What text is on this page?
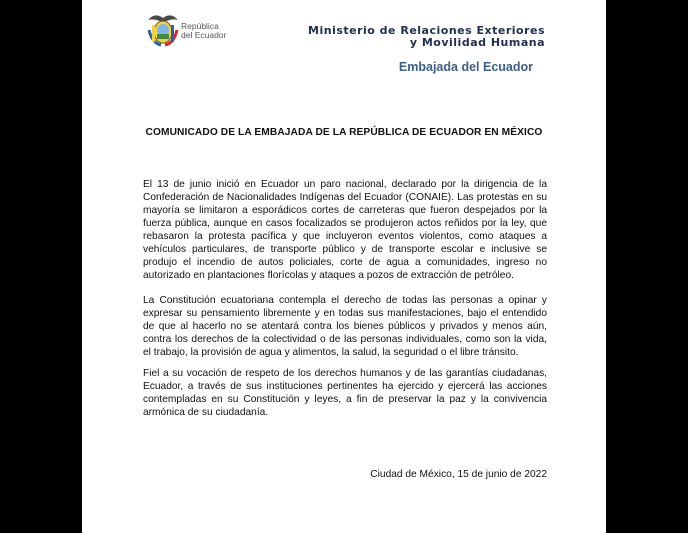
República
del Ecuador	Ministerio de Relaciones Exteriores
y Movilidad Humana
Embajada del Ecuador
COMUNICADO DE LA EMBAJADA DE LA REPÚBLICA DE ECUADOR EN MÉXICO
El 13 de junio inició en Ecuador un paro nacional, declarado por la dirigencia de la Confederación de Nacionalidades Indígenas del Ecuador (CONAIE). Las protestas en su mayoría se limitaron a esporádicos cortes de carreteras que fueron despejados por la fuerza pública, aunque en casos focalizados se produjeron actos reñidos por la ley, que rebasaron la protesta pacífica y que incluyeron eventos violentos, como ataques a vehículos particulares, de transporte público y de transporte escolar e inclusive se produjo el incendio de autos policiales, corte de agua a comunidades, ingreso no autorizado en plantaciones florícolas y ataques a pozos de extracción de petróleo.
La Constitución ecuatoriana contempla el derecho de todas las personas a opinar y expresar su pensamiento libremente y en todas sus manifestaciones, bajo el entendido de que al hacerlo no se atentará contra los bienes públicos y privados y menos aún, contra los derechos de la colectividad o de las personas individuales, como son la vida, el trabajo, la provisión de agua y alimentos, la salud, la seguridad o el libre tránsito.
Fiel a su vocación de respeto de los derechos humanos y de las garantías ciudadanas, Ecuador, a través de sus instituciones pertinentes ha ejercido y ejercerá las acciones contempladas en su Constitución y leyes, a fin de preservar la paz y la convivencia armónica de su ciudadanía.
Ciudad de México, 15 de junio de 2022
